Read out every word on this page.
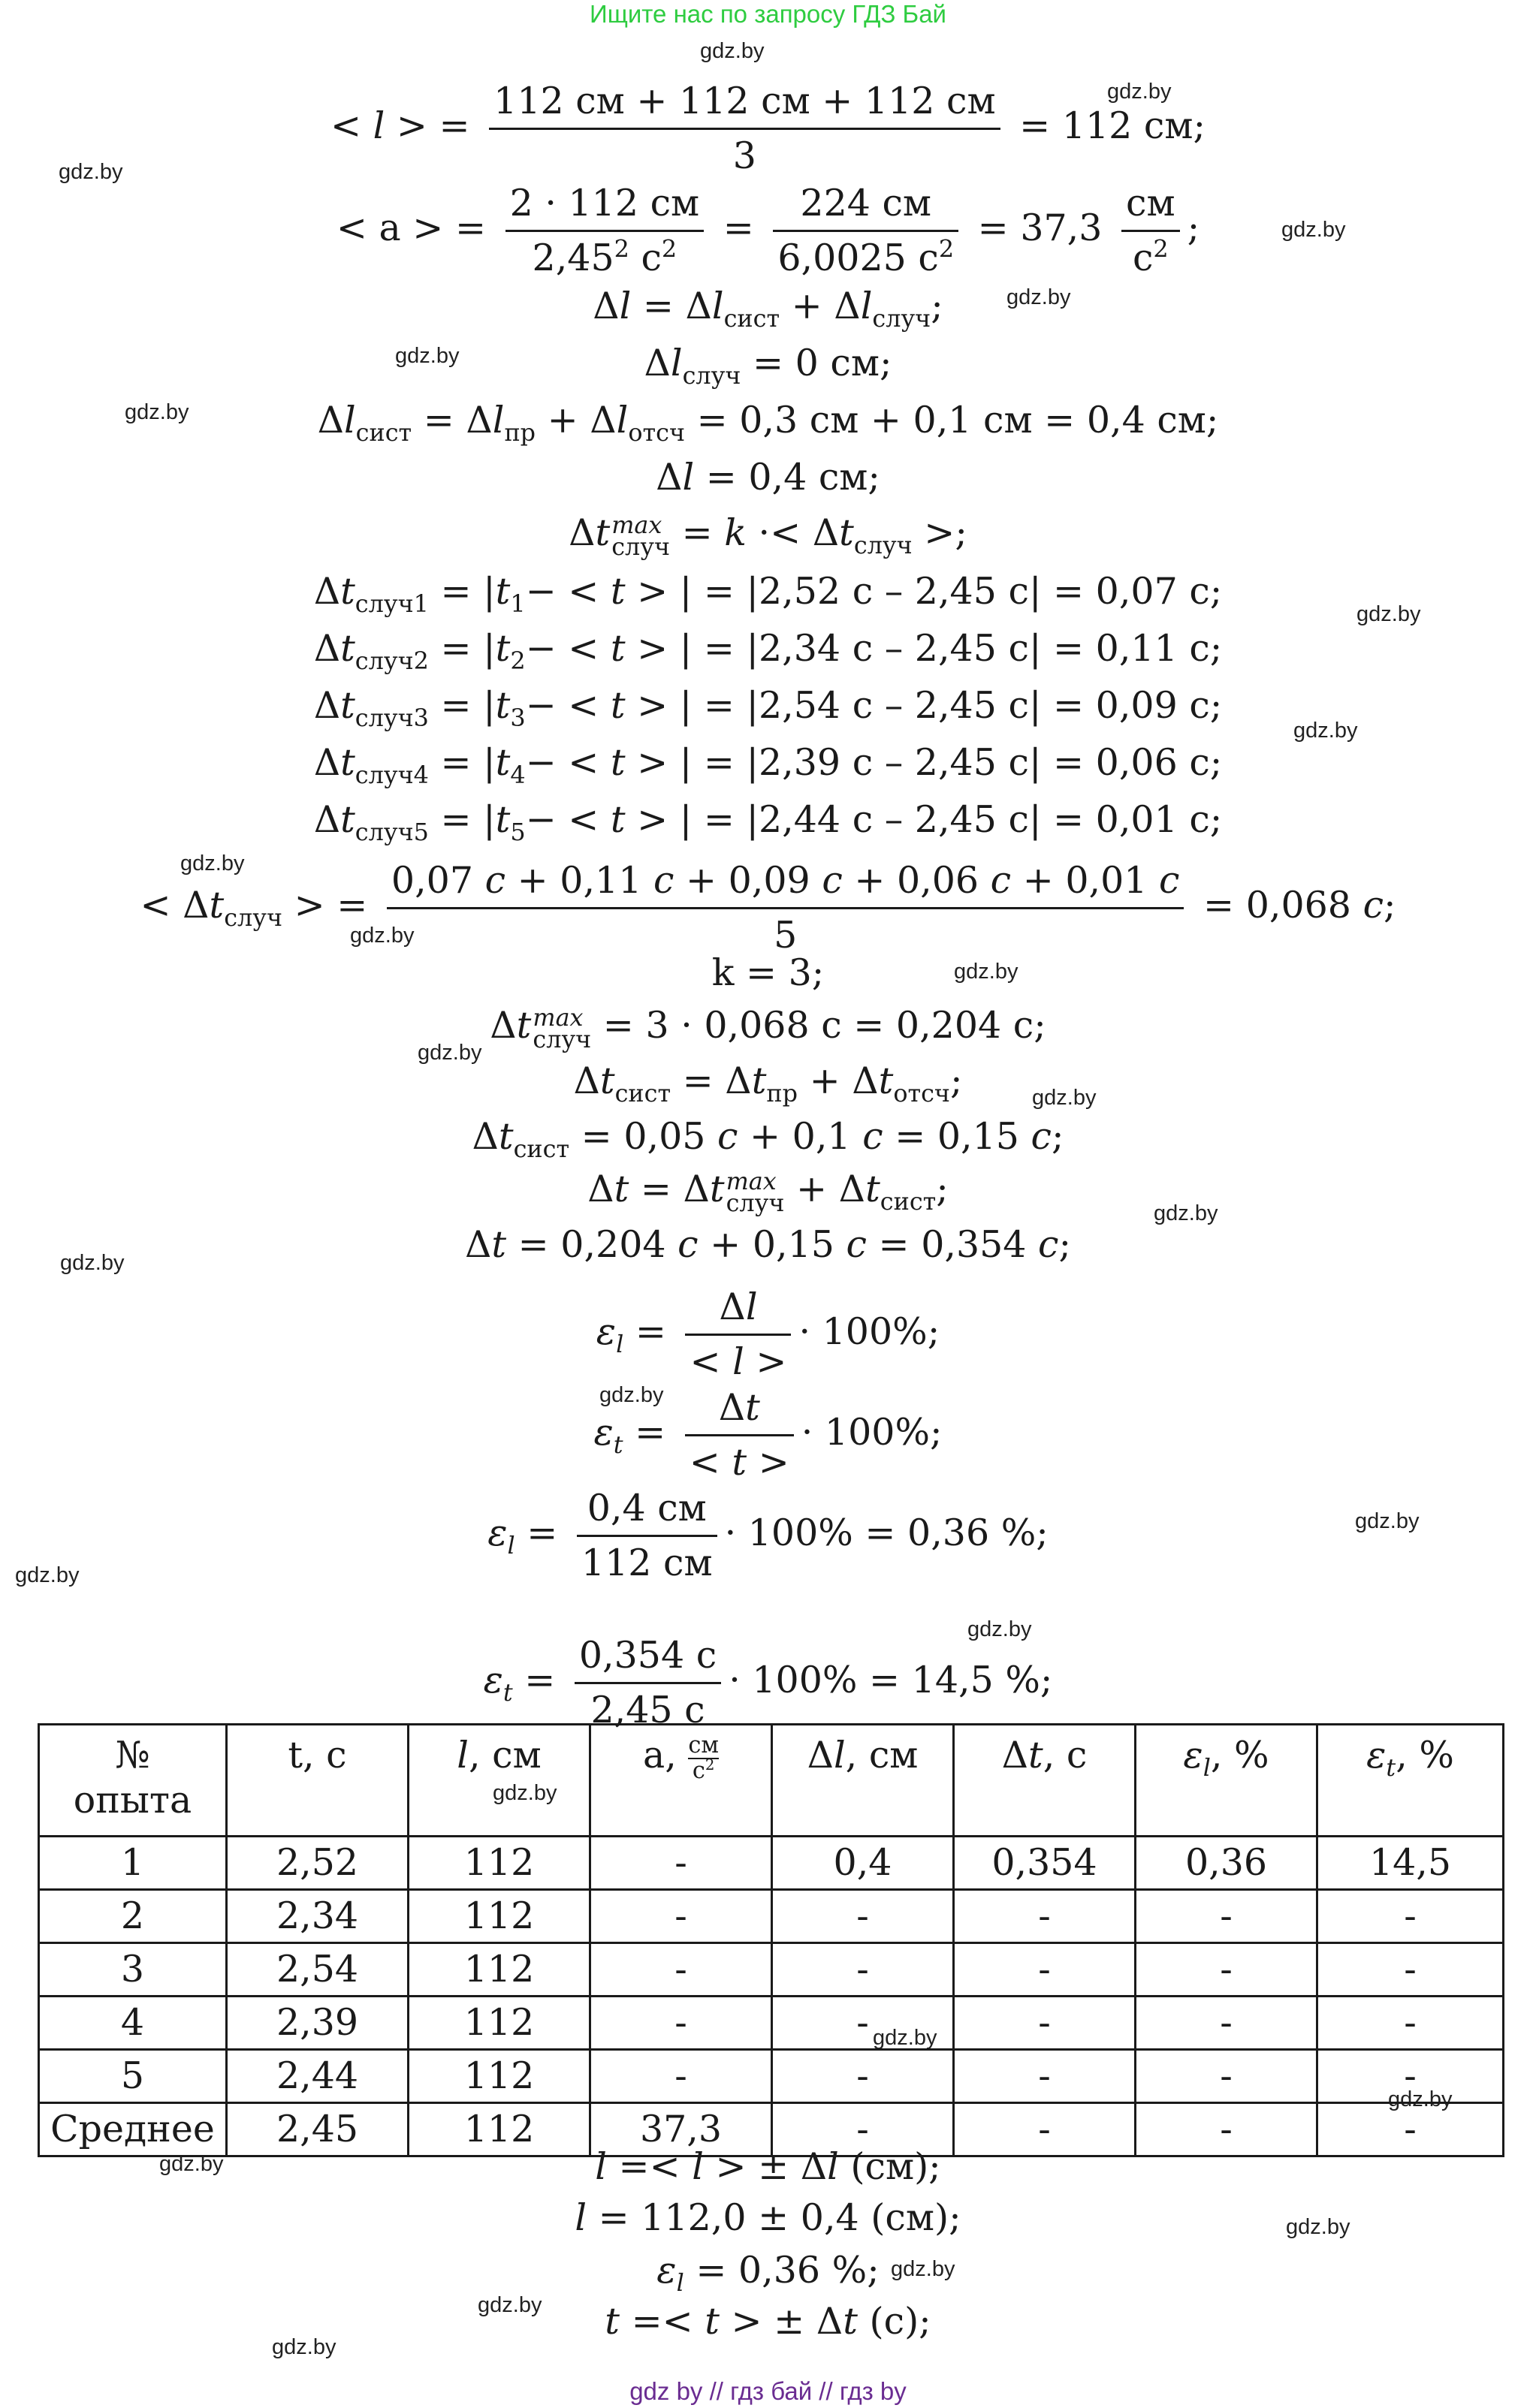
Ищите нас по запросу ГДЗ Бай
gdz.by
gdz.by
gdz.by
gdz.by
gdz.by
gdz.by
gdz.by
gdz.by
gdz.by
gdz.by
gdz.by
gdz.by
gdz.by
gdz.by
gdz.by
gdz.by
gdz.by
gdz.by
gdz.by
gdz.by
gdz.by
gdz.by
gdz.by
gdz.by
gdz.by
gdz.by
gdz.by
gdz.by
< l > = $\frac{112 см + 112 см + 112 см}{3} = 112$ см;
< a > = $\frac{2 \cdot 112 см}{2,45^2 с^2} = \frac{224 см}{6,0025 с^2} = 37,3 \frac{см}{с^2}$ ;
$\Delta l = \Delta l_{сист} + \Delta l_{случ}$;
$\Delta l_{случ} = 0$ см;
$\Delta l_{сист} = \Delta l_{пр} + \Delta l_{отсч} = 0,3$ см + 0,1 см = 0,4 см;
Δl = 0,4 см;
Δt max
случ = $k \cdot< \Delta t_{случ}$ >;
$\Delta t_{случ1} = |t_1- < t$ > | = |2,52 с – 2,45 с| = 0,07 с;
$\Delta t_{случ2} = |t_2- < t$ > | = |2,34 с – 2,45 с| = 0,11 с;
$\Delta t_{случ3} = |t_3- < t$ > | = |2,54 с – 2,45 с| = 0,09 с;
$\Delta t_{случ4} = |t_4- < t$ > | = |2,39 с – 2,45 с| = 0,06 с;
$\Delta t_{случ5} = |t_5- < t$ > | = |2,44 с – 2,45 с| = 0,01 с;
< $\Delta t_{случ}$ > = $\frac{0,07 с + 0,11 с + 0,09 с + 0,06 с + 0,01 с}{5} = 0,068$ с;
k = 3;
Δt max
случ = 3 · 0,068 с = 0,204 с;
$\Delta t_{сист} = \Delta t_{пр} + \Delta t_{отсч}$;
$\Delta t_{сист} = 0,05$ с + 0,1 с = 0,15 с;
Δt = Δt max
случ + $\Delta t_{сист}$;
Δt = 0,204 с + 0,15 с = 0,354 с;
$\varepsilon_l = \frac{\Delta l}{< l >} \cdot 100\%$;
$\varepsilon_t = \frac{\Delta t}{< t >} \cdot 100\%$;
$\varepsilon_l = \frac{0,4 см}{112 см} \cdot 100\% = 0,36$ %;
$\varepsilon_t = \frac{0,354 с}{2,45 с} \cdot 100\% = 14,5$ %;
№
опыта	t, с	l, см	a, $\frac{см}{с^2}$	Δl, см	Δt, с	$\varepsilon_l$, %	$\varepsilon_t$, %
1	2,52	112	-	0,4	0,354	0,36	14,5
2	2,34	112	-	-	-	-	-
3	2,54	112	-	-	-	-	-
4	2,39	112	-	-	-	-	-
5	2,44	112	-	-	-	-	-
Среднее	2,45	112	37,3	-	-	-	-
l =< l > ± Δl (см);
l = 112,0 ± 0,4 (см);
$\varepsilon_l = 0,36$ %;
t =< t > ± Δt (с);
gdz by // гдз бай // гдз by
